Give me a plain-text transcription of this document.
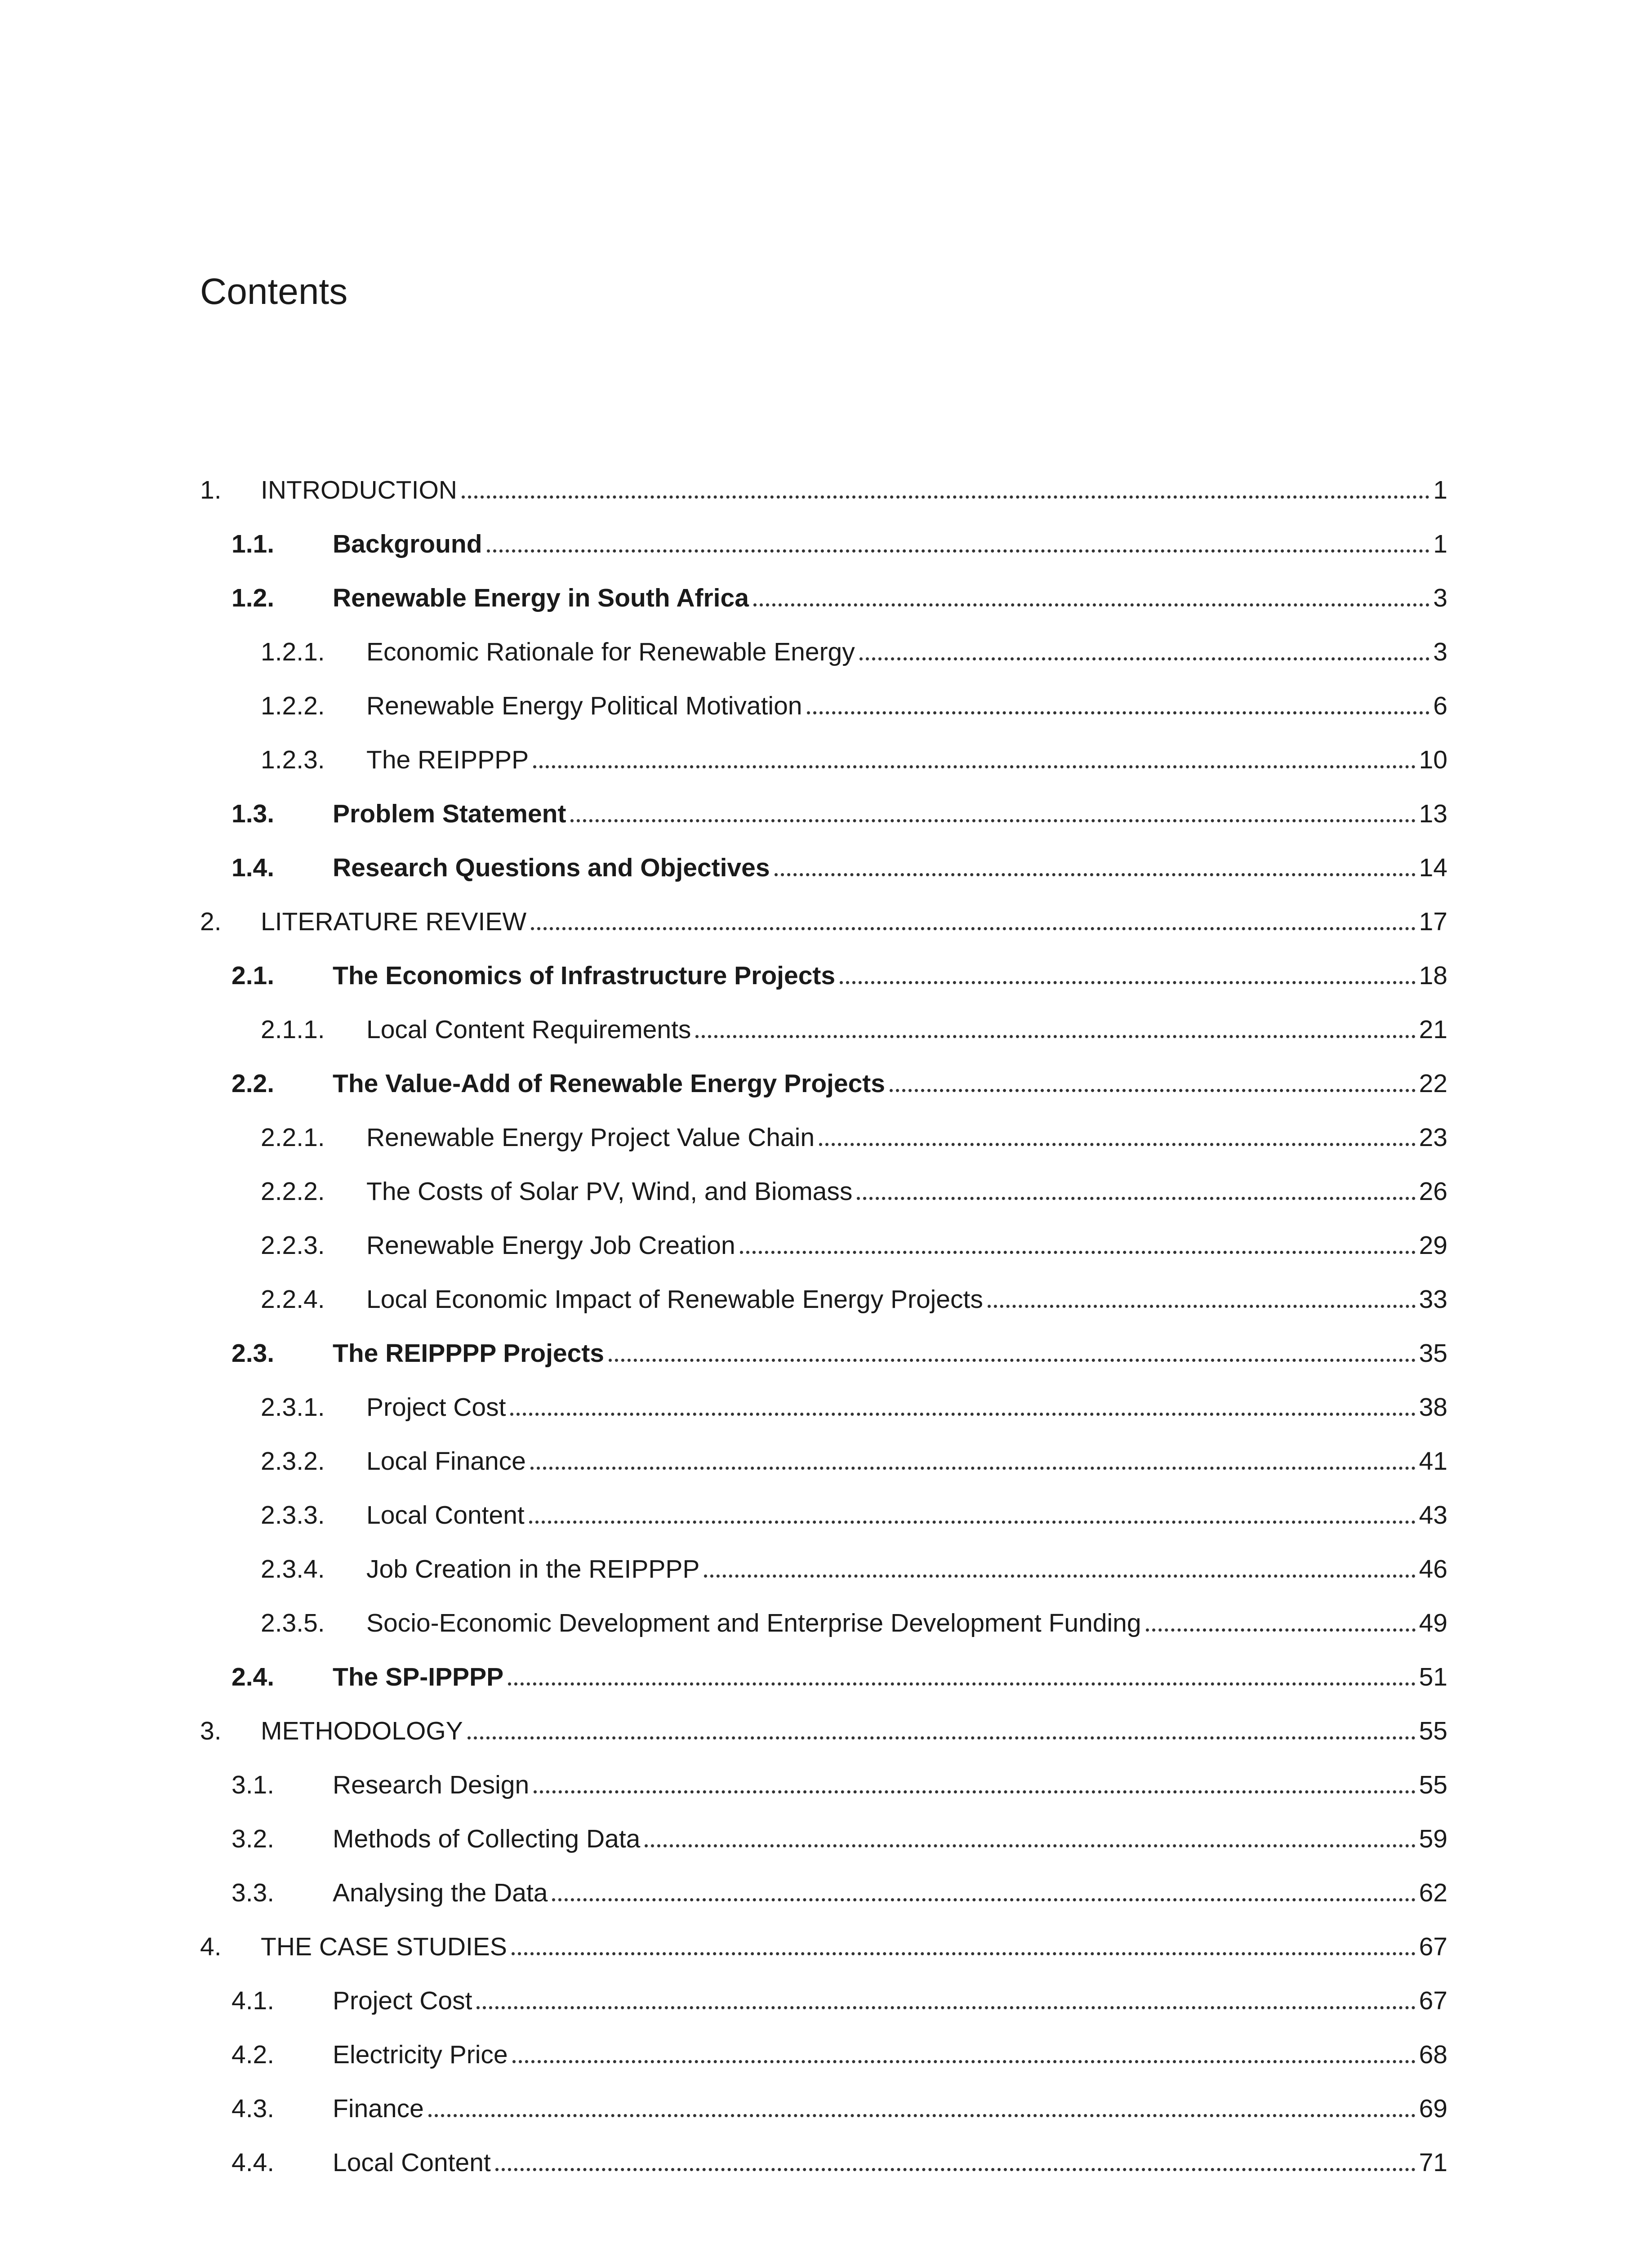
Contents
1. INTRODUCTION	1
1.1. Background	1
1.2. Renewable Energy in South Africa	3
1.2.1. Economic Rationale for Renewable Energy	3
1.2.2. Renewable Energy Political Motivation	6
1.2.3. The REIPPPP	10
1.3. Problem Statement	13
1.4. Research Questions and Objectives	14
2. LITERATURE REVIEW	17
2.1. The Economics of Infrastructure Projects	18
2.1.1. Local Content Requirements	21
2.2. The Value-Add of Renewable Energy Projects	22
2.2.1. Renewable Energy Project Value Chain	23
2.2.2. The Costs of Solar PV, Wind, and Biomass	26
2.2.3. Renewable Energy Job Creation	29
2.2.4. Local Economic Impact of Renewable Energy Projects	33
2.3. The REIPPPP Projects	35
2.3.1. Project Cost	38
2.3.2. Local Finance	41
2.3.3. Local Content	43
2.3.4. Job Creation in the REIPPPP	46
2.3.5. Socio-Economic Development and Enterprise Development Funding	49
2.4. The SP-IPPPP	51
3. METHODOLOGY	55
3.1. Research Design	55
3.2. Methods of Collecting Data	59
3.3. Analysing the Data	62
4. THE CASE STUDIES	67
4.1. Project Cost	67
4.2. Electricity Price	68
4.3. Finance	69
4.4. Local Content	71
